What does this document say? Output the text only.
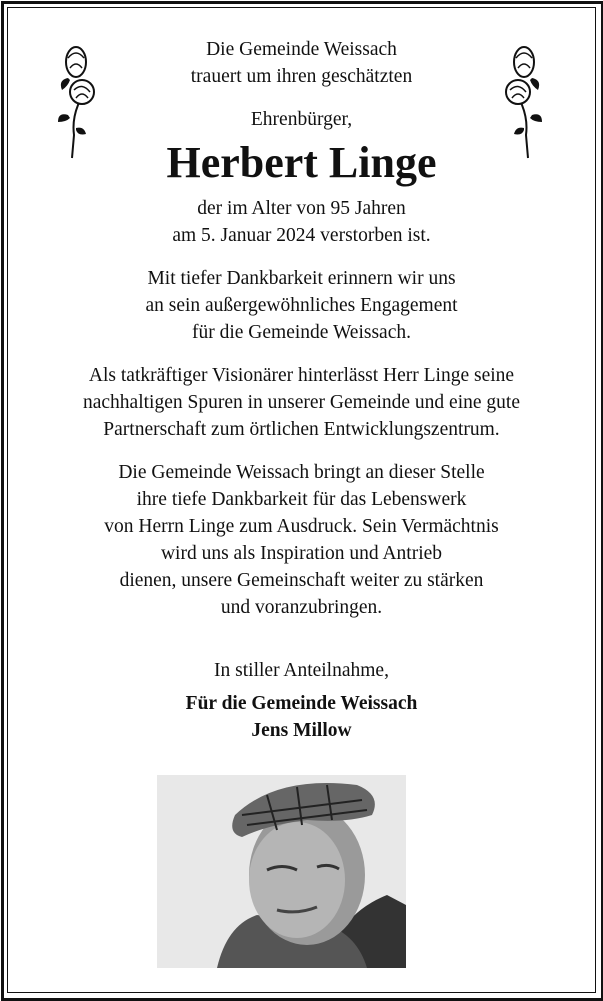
Die Gemeinde Weissach
trauert um ihren geschätzten
Ehrenbürger,
Herbert Linge
der im Alter von 95 Jahren
am 5. Januar 2024 verstorben ist.
Mit tiefer Dankbarkeit erinnern wir uns
an sein außergewöhnliches Engagement
für die Gemeinde Weissach.
Als tatkräftiger Visionärer hinterlässt Herr Linge seine
nachhaltigen Spuren in unserer Gemeinde und eine gute
Partnerschaft zum örtlichen Entwicklungszentrum.
Die Gemeinde Weissach bringt an dieser Stelle
ihre tiefe Dankbarkeit für das Lebenswerk
von Herrn Linge zum Ausdruck. Sein Vermächtnis
wird uns als Inspiration und Antrieb
dienen, unsere Gemeinschaft weiter zu stärken
und voranzubringen.
In stiller Anteilnahme,
Für die Gemeinde Weissach
Jens Millow
